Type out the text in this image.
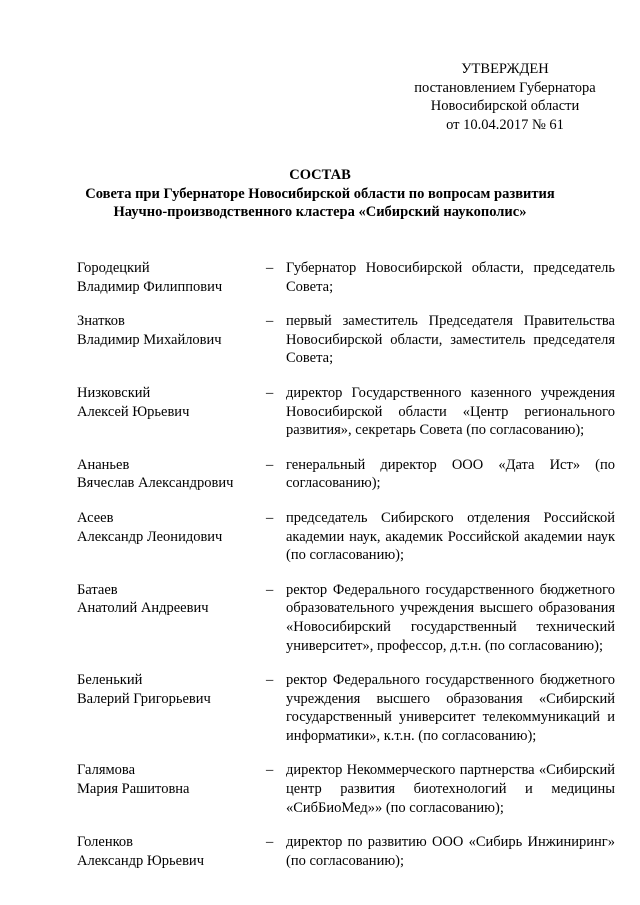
УТВЕРЖДЕН
постановлением Губернатора
Новосибирской области
от 10.04.2017 № 61
СОСТАВ
Совета при Губернаторе Новосибирской области по вопросам развития
Научно-производственного кластера «Сибирский наукополис»
Городецкий
Владимир Филиппович
– Губернатор Новосибирской области, председатель Совета;
Знатков
Владимир Михайлович
– первый заместитель Председателя Правительства Новосибирской области, заместитель председателя Совета;
Низковский
Алексей Юрьевич
– директор Государственного казенного учреждения Новосибирской области «Центр регионального развития», секретарь Совета (по согласованию);
Ананьев
Вячеслав Александрович
– генеральный директор ООО «Дата Ист» (по согласованию);
Асеев
Александр Леонидович
– председатель Сибирского отделения Российской академии наук, академик Российской академии наук (по согласованию);
Батаев
Анатолий Андреевич
– ректор Федерального государственного бюджетного образовательного учреждения высшего образования «Новосибирский государственный технический университет», профессор, д.т.н. (по согласованию);
Беленький
Валерий Григорьевич
– ректор Федерального государственного бюджетного учреждения высшего образования «Сибирский государственный университет телекоммуникаций и информатики», к.т.н. (по согласованию);
Галямова
Мария Рашитовна
– директор Некоммерческого партнерства «Сибирский центр развития биотехнологий и медицины «СибБиоМед»» (по согласованию);
Голенков
Александр Юрьевич
– директор по развитию ООО «Сибирь Инжиниринг» (по согласованию);
